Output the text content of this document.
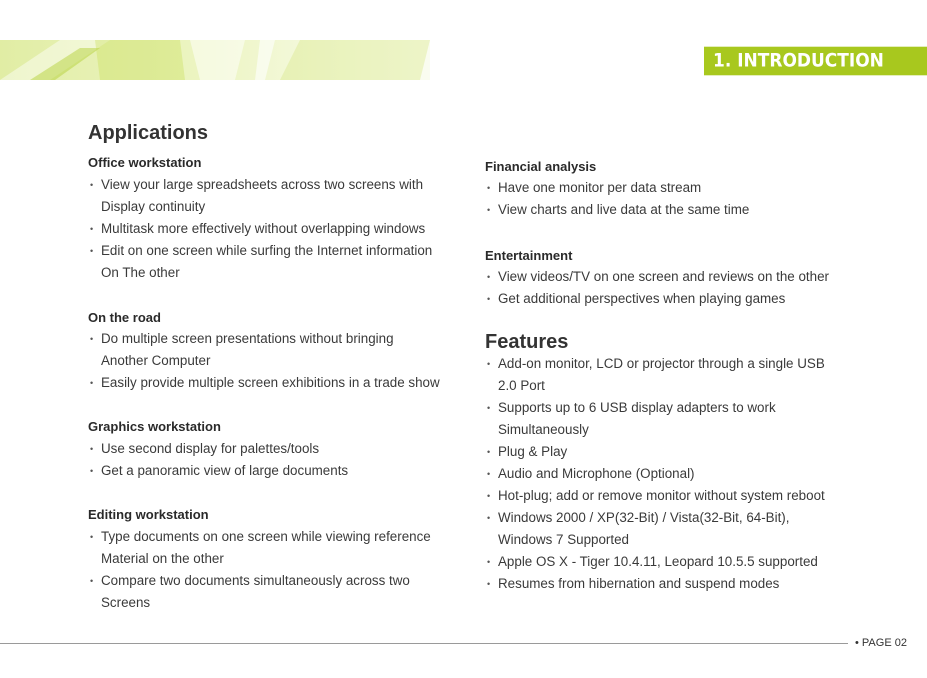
1. INTRODUCTION
Applications
Office workstation
• View your large spreadsheets across two screens with
Display continuity
• Multitask more effectively without overlapping windows
• Edit on one screen while surfing the Internet information
On The other
On the road
• Do multiple screen presentations without bringing
Another Computer
• Easily provide multiple screen exhibitions in a trade show
Graphics workstation
• Use second display for palettes/tools
• Get a panoramic view of large documents
Editing workstation
• Type documents on one screen while viewing reference
Material on the other
• Compare two documents simultaneously across two
Screens
Financial analysis
• Have one monitor per data stream
• View charts and live data at the same time
Entertainment
• View videos/TV on one screen and reviews on the other
• Get additional perspectives when playing games
Features
• Add-on monitor, LCD or projector through a single USB
2.0 Port
• Supports up to 6 USB display adapters to work
Simultaneously
• Plug & Play
• Audio and Microphone (Optional)
• Hot-plug; add or remove monitor without system reboot
• Windows 2000 / XP(32-Bit) / Vista(32-Bit, 64-Bit),
Windows 7 Supported
• Apple OS X - Tiger 10.4.11, Leopard 10.5.5 supported
• Resumes from hibernation and suspend modes
• PAGE 02
